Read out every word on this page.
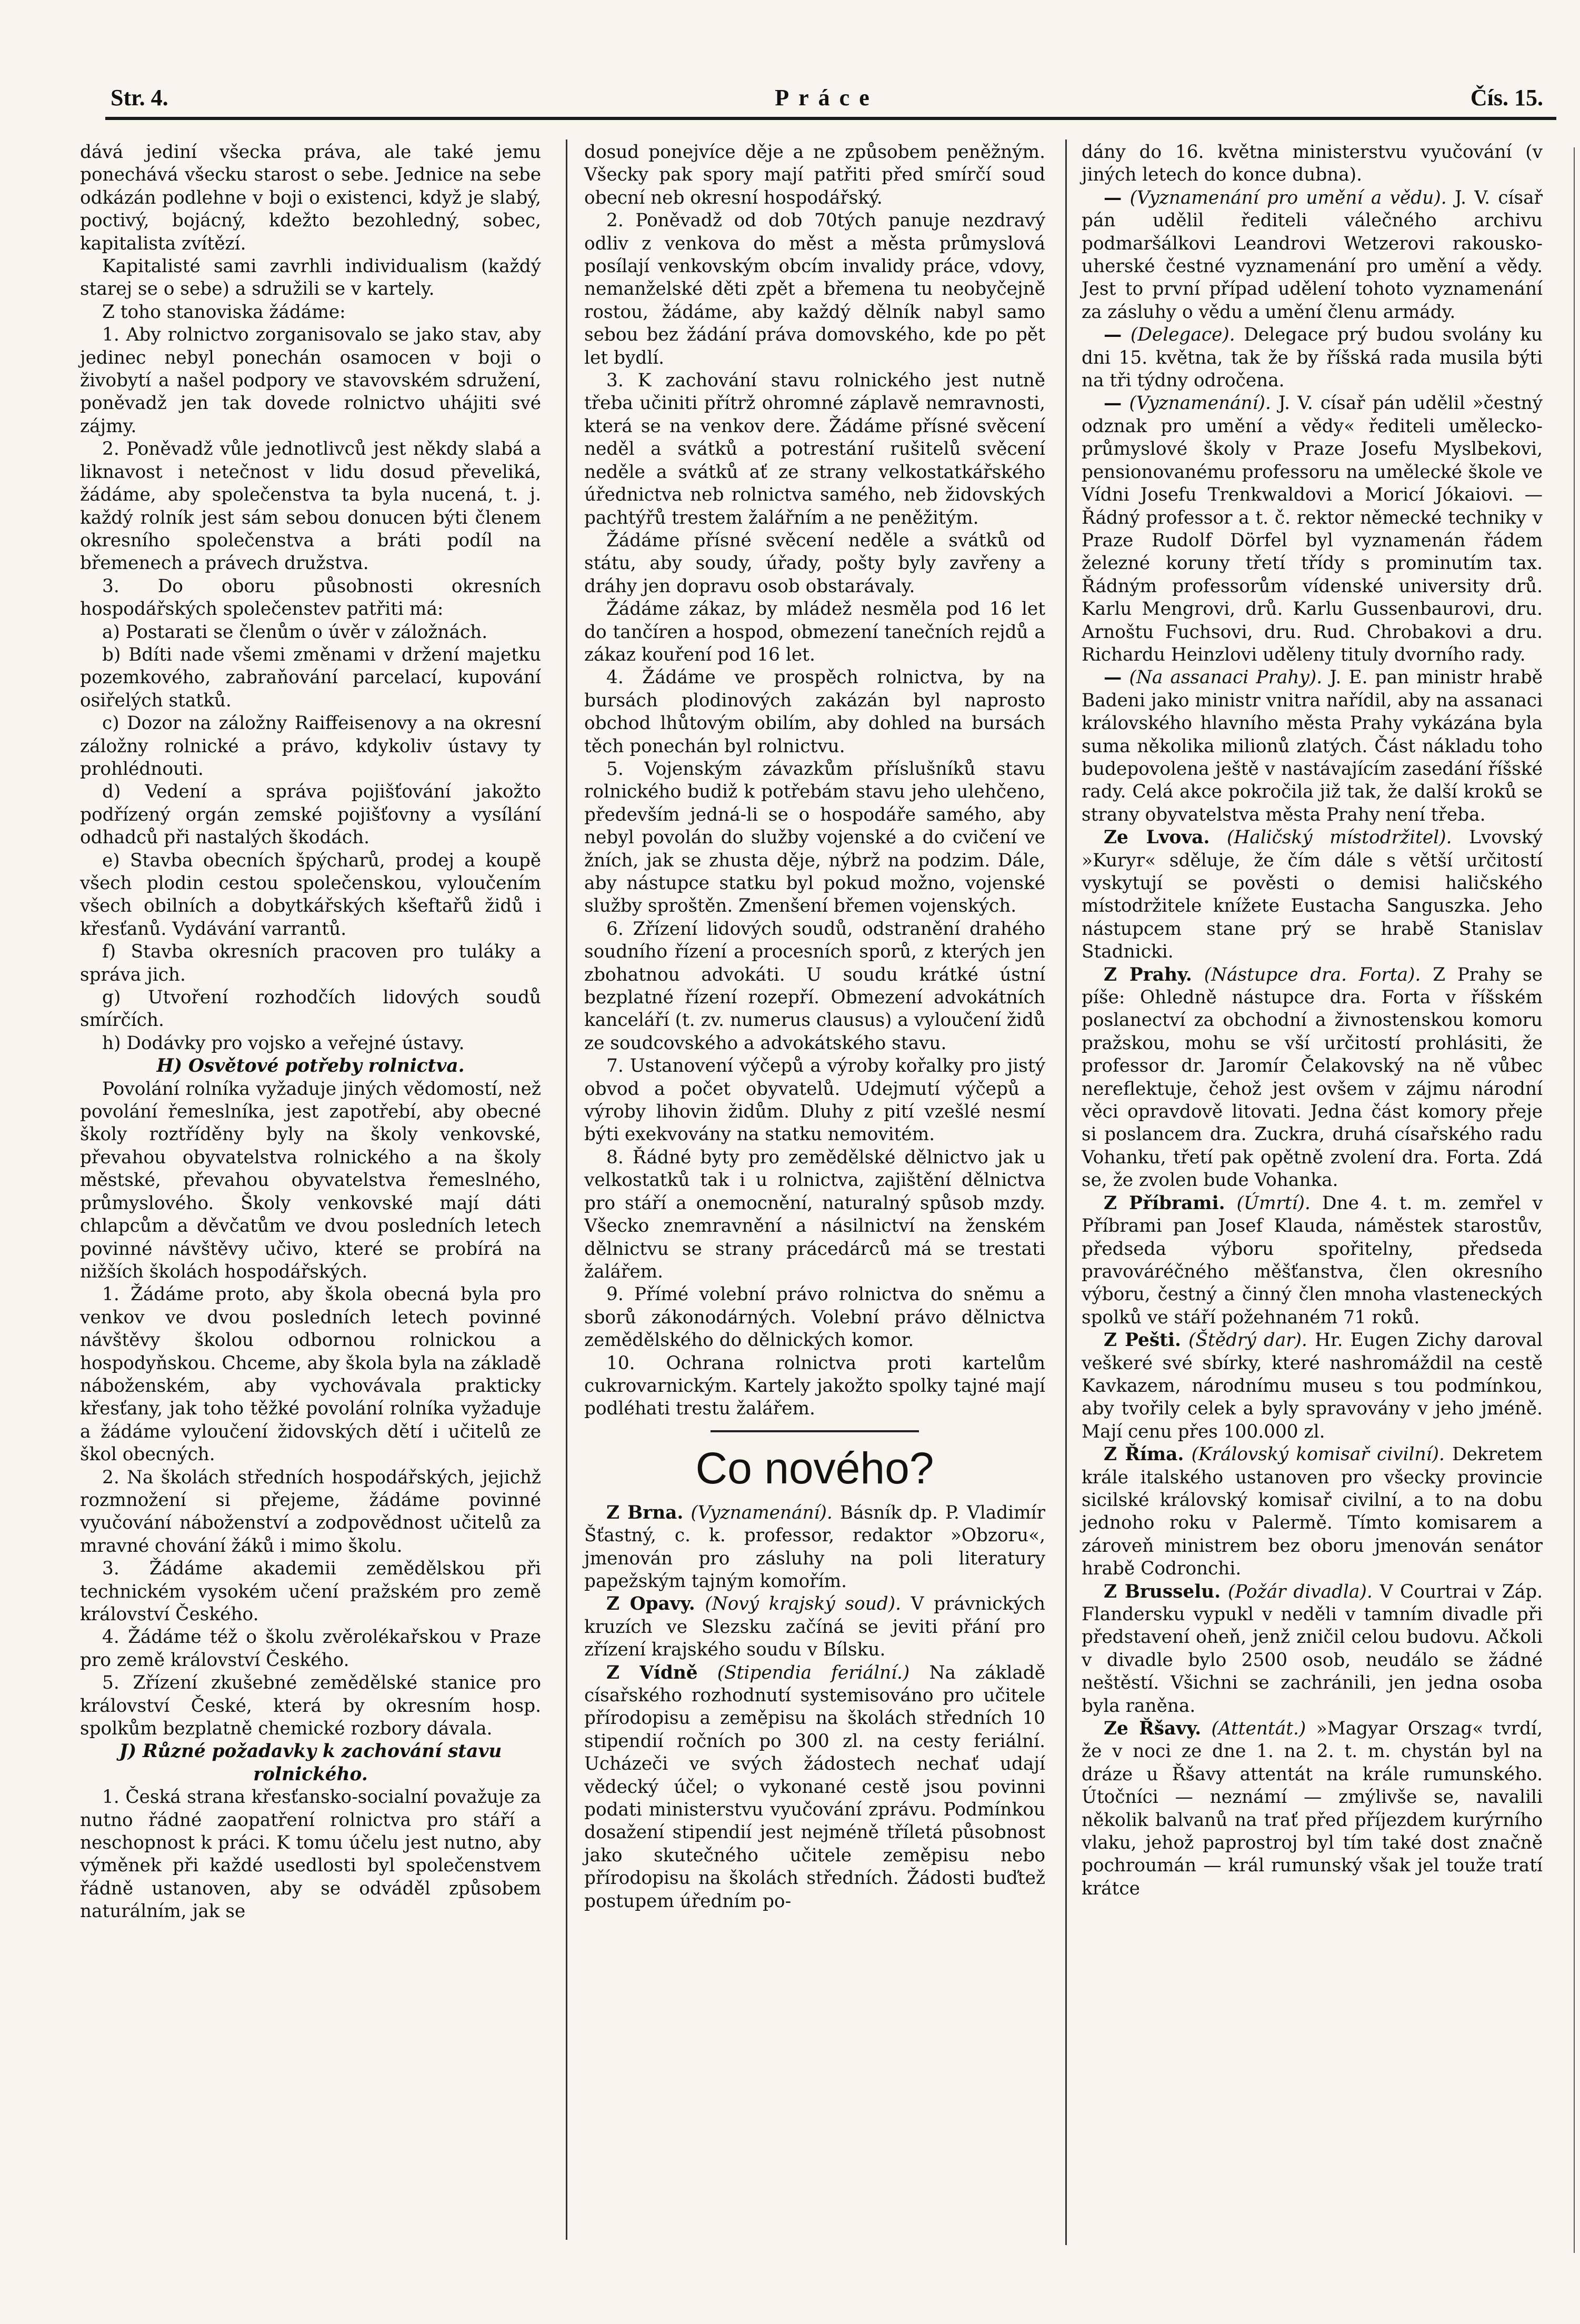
Str. 4.	Práce	Čís. 15.

dává jediní všecka práva, ale také jemu ponechává všecku starost o sebe. Jednice na sebe odkázán podlehne v boji o existenci, když je slabý, poctivý, bojácný, kdežto bezohledný, sobec, kapitalista zvítězí.

Kapitalisté sami zavrhli individualism (každý starej se o sebe) a sdružili se v kartely.

Z toho stanoviska žádáme:

1. Aby rolnictvo zorganisovalo se jako stav, aby jedinec nebyl ponechán osamocen v boji o živobytí a našel podpory ve stavovském sdružení, poněvadž jen tak dovede rolnictvo uhájiti své zájmy.

2. Poněvadž vůle jednotlivců jest někdy slabá a liknavost i netečnost v lidu dosud převeliká, žádáme, aby společenstva ta byla nucená, t. j. každý rolník jest sám sebou donucen býti členem okresního společenstva a bráti podíl na břemenech a právech družstva.

3. Do oboru působnosti okresních hospodářských společenstev patřiti má:

a) Postarati se členům o úvěr v záložnách.

b) Bdíti nade všemi změnami v držení majetku pozemkového, zabraňování parcelací, kupování osiřelých statků.

c) Dozor na záložny Raiffeisenovy a na okresní záložny rolnické a právo, kdykoliv ústavy ty prohlédnouti.

d) Vedení a správa pojišťování jakožto podřízený orgán zemské pojišťovny a vysílání odhadců při nastalých škodách.

e) Stavba obecních špýcharů, prodej a koupě všech plodin cestou společenskou, vyloučením všech obilních a dobytkářských kšeftařů židů i křesťanů. Vydávání varrantů.

f) Stavba okresních pracoven pro tuláky a správa jich.

g) Utvoření rozhodčích lidových soudů smírčích.

h) Dodávky pro vojsko a veřejné ústavy.

H) Osvětové potřeby rolnictva.

Povolání rolníka vyžaduje jiných vědomostí, než povolání řemeslníka, jest zapotřebí, aby obecné školy roztříděny byly na školy venkovské, převahou obyvatelstva rolnického a na školy městské, převahou obyvatelstva řemeslného, průmyslového. Školy venkovské mají dáti chlapcům a děvčatům ve dvou posledních letech povinné návštěvy učivo, které se probírá na nižších školách hospodářských.

1. Žádáme proto, aby škola obecná byla pro venkov ve dvou posledních letech povinné návštěvy školou odbornou rolnickou a hospodyňskou. Chceme, aby škola byla na základě náboženském, aby vychovávala prakticky křesťany, jak toho těžké povolání rolníka vyžaduje a žádáme vyloučení židovských dětí i učitelů ze škol obecných.

2. Na školách středních hospodářských, jejichž rozmnožení si přejeme, žádáme povinné vyučování náboženství a zodpovědnost učitelů za mravné chování žáků i mimo školu.

3. Žádáme akademii zemědělskou při technickém vysokém učení pražském pro země království Českého.

4. Žádáme též o školu zvěrolékařskou v Praze pro země království Českého.

5. Zřízení zkušebné zemědělské stanice pro království České, která by okresním hosp. spolkům bezplatně chemické rozbory dávala.

J) Různé požadavky k zachování stavu rolnického.

1. Česká strana křesťansko-socialní považuje za nutno řádné zaopatření rolnictva pro stáří a neschopnost k práci. K tomu účelu jest nutno, aby výměnek při každé usedlosti byl společenstvem řádně ustanoven, aby se odváděl způsobem naturálním, jak se

dosud ponejvíce děje a ne způsobem peněžným. Všecky pak spory mají patřiti před smírčí soud obecní neb okresní hospodářský.

2. Poněvadž od dob 70tých panuje nezdravý odliv z venkova do měst a města průmyslová posílají venkovským obcím invalidy práce, vdovy, nemanželské děti zpět a břemena tu neobyčejně rostou, žádáme, aby každý dělník nabyl samo sebou bez žádání práva domovského, kde po pět let bydlí.

3. K zachování stavu rolnického jest nutně třeba učiniti přítrž ohromné záplavě nemravnosti, která se na venkov dere. Žádáme přísné svěcení neděl a svátků a potrestání rušitelů svěcení neděle a svátků ať ze strany velkostatkářského úřednictva neb rolnictva samého, neb židovských pachtýřů trestem žalářním a ne peněžitým.

Žádáme přísné svěcení neděle a svátků od státu, aby soudy, úřady, pošty byly zavřeny a dráhy jen dopravu osob obstarávaly.

Žádáme zákaz, by mládež nesměla pod 16 let do tančíren a hospod, obmezení tanečních rejdů a zákaz kouření pod 16 let.

4. Žádáme ve prospěch rolnictva, by na bursách plodinových zakázán byl naprosto obchod lhůtovým obilím, aby dohled na bursách těch ponechán byl rolnictvu.

5. Vojenským závazkům příslušníků stavu rolnického budiž k potřebám stavu jeho ulehčeno, především jedná-li se o hospodáře samého, aby nebyl povolán do služby vojenské a do cvičení ve žních, jak se zhusta děje, nýbrž na podzim. Dále, aby nástupce statku byl pokud možno, vojenské služby sproštěn. Zmenšení břemen vojenských.

6. Zřízení lidových soudů, odstranění drahého soudního řízení a procesních sporů, z kterých jen zbohatnou advokáti. U soudu krátké ústní bezplatné řízení rozepří. Obmezení advokátních kanceláří (t. zv. numerus clausus) a vyloučení židů ze soudcovského a advokátského stavu.

7. Ustanovení výčepů a výroby kořalky pro jistý obvod a počet obyvatelů. Udejmutí výčepů a výroby lihovin židům. Dluhy z pití vzešlé nesmí býti exekvovány na statku nemovitém.

8. Řádné byty pro zemědělské dělnictvo jak u velkostatků tak i u rolnictva, zajištění dělnictva pro stáří a onemocnění, naturalný spůsob mzdy. Všecko znemravnění a násilnictví na ženském dělnictvu se strany prácedárců má se trestati žalářem.

9. Přímé volební právo rolnictva do sněmu a sborů zákonodárných. Volební právo dělnictva zemědělského do dělnických komor.

10. Ochrana rolnictva proti kartelům cukrovarnickým. Kartely jakožto spolky tajné mají podléhati trestu žalářem.

Co nového?

Z Brna. (Vyznamenání). Básník dp. P. Vladimír Šťastný, c. k. professor, redaktor »Obzoru«, jmenován pro zásluhy na poli literatury papežským tajným komořím.

Z Opavy. (Nový krajský soud). V právnických kruzích ve Slezsku začíná se jeviti přání pro zřízení krajského soudu v Bílsku.

Z Vídně (Stipendia feriální.) Na základě císařského rozhodnutí systemisováno pro učitele přírodopisu a zeměpisu na školách středních 10 stipendií ročních po 300 zl. na cesty feriální. Ucházeči ve svých žádostech nechať udají vědecký účel; o vykonané cestě jsou povinni podati ministerstvu vyučování zprávu. Podmínkou dosažení stipendií jest nejméně tříletá působnost jako skutečného učitele zeměpisu nebo přírodopisu na školách středních. Žádosti buďtež postupem úředním po-

dány do 16. května ministerstvu vyučování (v jiných letech do konce dubna).

— (Vyznamenání pro umění a vědu). J. V. císař pán udělil řediteli válečného archivu podmaršálkovi Leandrovi Wetzerovi rakousko-uherské čestné vyznamenání pro umění a vědy. Jest to první případ udělení tohoto vyznamenání za zásluhy o vědu a umění členu armády.

— (Delegace). Delegace prý budou svolány ku dni 15. května, tak že by říšská rada musila býti na tři týdny odročena.

— (Vyznamenání). J. V. císař pán udělil »čestný odznak pro umění a vědy« řediteli umělecko-průmyslové školy v Praze Josefu Myslbekovi, pensionovanému professoru na umělecké škole ve Vídni Josefu Trenkwaldovi a Moricí Jókaiovi. — Řádný professor a t. č. rektor německé techniky v Praze Rudolf Dörfel byl vyznamenán řádem železné koruny třetí třídy s prominutím tax. Řádným professorům vídenské university drů. Karlu Mengrovi, drů. Karlu Gussenbaurovi, dru. Arnoštu Fuchsovi, dru. Rud. Chrobakovi a dru. Richardu Heinzlovi uděleny tituly dvorního rady.

— (Na assanaci Prahy). J. E. pan ministr hrabě Badeni jako ministr vnitra nařídil, aby na assanaci královského hlavního města Prahy vykázána byla suma několika milionů zlatých. Část nákladu toho budepovolena ještě v nastávajícím zasedání říšské rady. Celá akce pokročila již tak, že další kroků se strany obyvatelstva města Prahy není třeba.

Ze Lvova. (Haličský místodržitel). Lvovský »Kuryr« sděluje, že čím dále s větší určitostí vyskytují se pověsti o demisi haličského místodržitele knížete Eustacha Sanguszka. Jeho nástupcem stane prý se hrabě Stanislav Stadnicki.

Z Prahy. (Nástupce dra. Forta). Z Prahy se píše: Ohledně nástupce dra. Forta v říšském poslanectví za obchodní a živnostenskou komoru pražskou, mohu se vší určitostí prohlásiti, že professor dr. Jaromír Čelakovský na ně vůbec nereflektuje, čehož jest ovšem v zájmu národní věci opravdově litovati. Jedna část komory přeje si poslancem dra. Zuckra, druhá císařského radu Vohanku, třetí pak opětně zvolení dra. Forta. Zdá se, že zvolen bude Vohanka.

Z Příbrami. (Úmrtí). Dne 4. t. m. zemřel v Příbrami pan Josef Klauda, náměstek starostův, předseda výboru spořitelny, předseda pravováréčného měšťanstva, člen okresního výboru, čestný a činný člen mnoha vlasteneckých spolků ve stáří požehnaném 71 roků.

Z Pešti. (Štědrý dar). Hr. Eugen Zichy daroval veškeré své sbírky, které nashromáždil na cestě Kavkazem, národnímu museu s tou podmínkou, aby tvořily celek a byly spravovány v jeho jméně. Mají cenu přes 100.000 zl.

Z Říma. (Královský komisař civilní). Dekretem krále italského ustanoven pro všecky provincie sicilské královský komisař civilní, a to na dobu jednoho roku v Palermě. Tímto komisarem a zároveň ministrem bez oboru jmenován senátor hrabě Codronchi.

Z Brusselu. (Požár divadla). V Courtrai v Záp. Flandersku vypukl v neděli v tamním divadle při představení oheň, jenž zničil celou budovu. Ačkoli v divadle bylo 2500 osob, neudálo se žádné neštěstí. Všichni se zachránili, jen jedna osoba byla raněna.

Ze Řšavy. (Attentát.) »Magyar Orszag« tvrdí, že v noci ze dne 1. na 2. t. m. chystán byl na dráze u Řšavy attentát na krále rumunského. Útočníci — neznámí — zmýlivše se, navalili několik balvanů na trať před příjezdem kurýrního vlaku, jehož paprostroj byl tím také dost značně pochroumán — král rumunský však jel touže tratí krátce
